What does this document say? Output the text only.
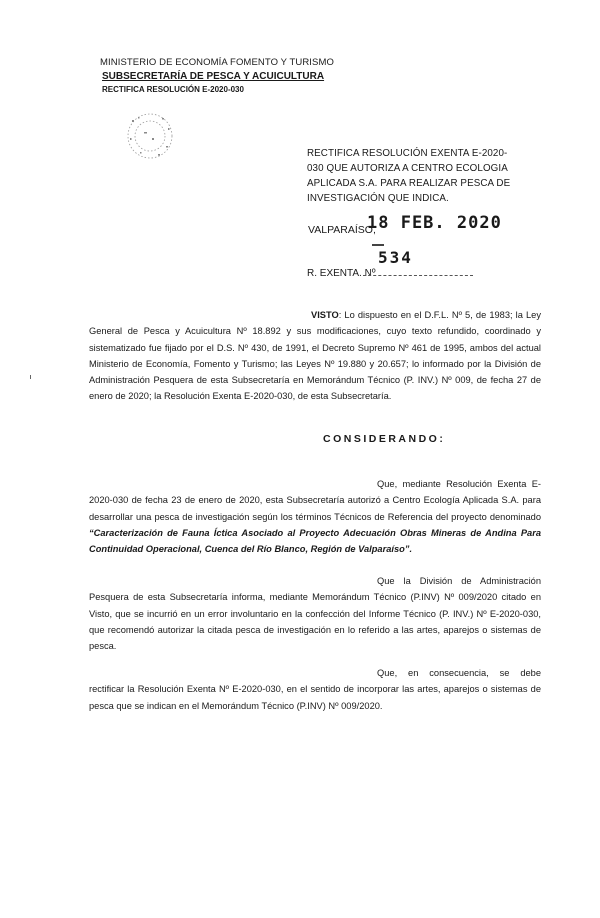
MINISTERIO DE ECONOMÍA FOMENTO Y TURISMO
SUBSECRETARÍA DE PESCA Y ACUICULTURA
RECTIFICA RESOLUCIÓN E-2020-030
RECTIFICA RESOLUCIÓN EXENTA E-2020-030 QUE AUTORIZA A CENTRO ECOLOGIA APLICADA S.A. PARA REALIZAR PESCA DE INVESTIGACIÓN QUE INDICA.
VALPARAÍSO,
18 FEB. 2020
534
R. EXENTA. Nº
VISTO: Lo dispuesto en el D.F.L. Nº 5, de 1983; la Ley General de Pesca y Acuicultura Nº 18.892 y sus modificaciones, cuyo texto refundido, coordinado y sistematizado fue fijado por el D.S. Nº 430, de 1991, el Decreto Supremo Nº 461 de 1995, ambos del actual Ministerio de Economía, Fomento y Turismo; las Leyes Nº 19.880 y 20.657; lo informado por la División de Administración Pesquera de esta Subsecretaría en Memorándum Técnico (P. INV.) Nº 009, de fecha 27 de enero de 2020; la Resolución Exenta E-2020-030, de esta Subsecretaría.
CONSIDERANDO:
Que, mediante Resolución Exenta E-2020-030 de fecha 23 de enero de 2020, esta Subsecretaría autorizó a Centro Ecología Aplicada S.A. para desarrollar una pesca de investigación según los términos Técnicos de Referencia del proyecto denominado “Caracterización de Fauna Íctica Asociado al Proyecto Adecuación Obras Mineras de Andina Para Continuidad Operacional, Cuenca del Río Blanco, Región de Valparaíso”.
Que la División de Administración Pesquera de esta Subsecretaría informa, mediante Memorándum Técnico (P.INV) Nº 009/2020 citado en Visto, que se incurrió en un error involuntario en la confección del Informe Técnico (P. INV.) Nº E-2020-030, que recomendó autorizar la citada pesca de investigación en lo referido a las artes, aparejos o sistemas de pesca.
Que, en consecuencia, se debe rectificar la Resolución Exenta Nº E-2020-030, en el sentido de incorporar las artes, aparejos o sistemas de pesca que se indican en el Memorándum Técnico (P.INV) Nº 009/2020.
